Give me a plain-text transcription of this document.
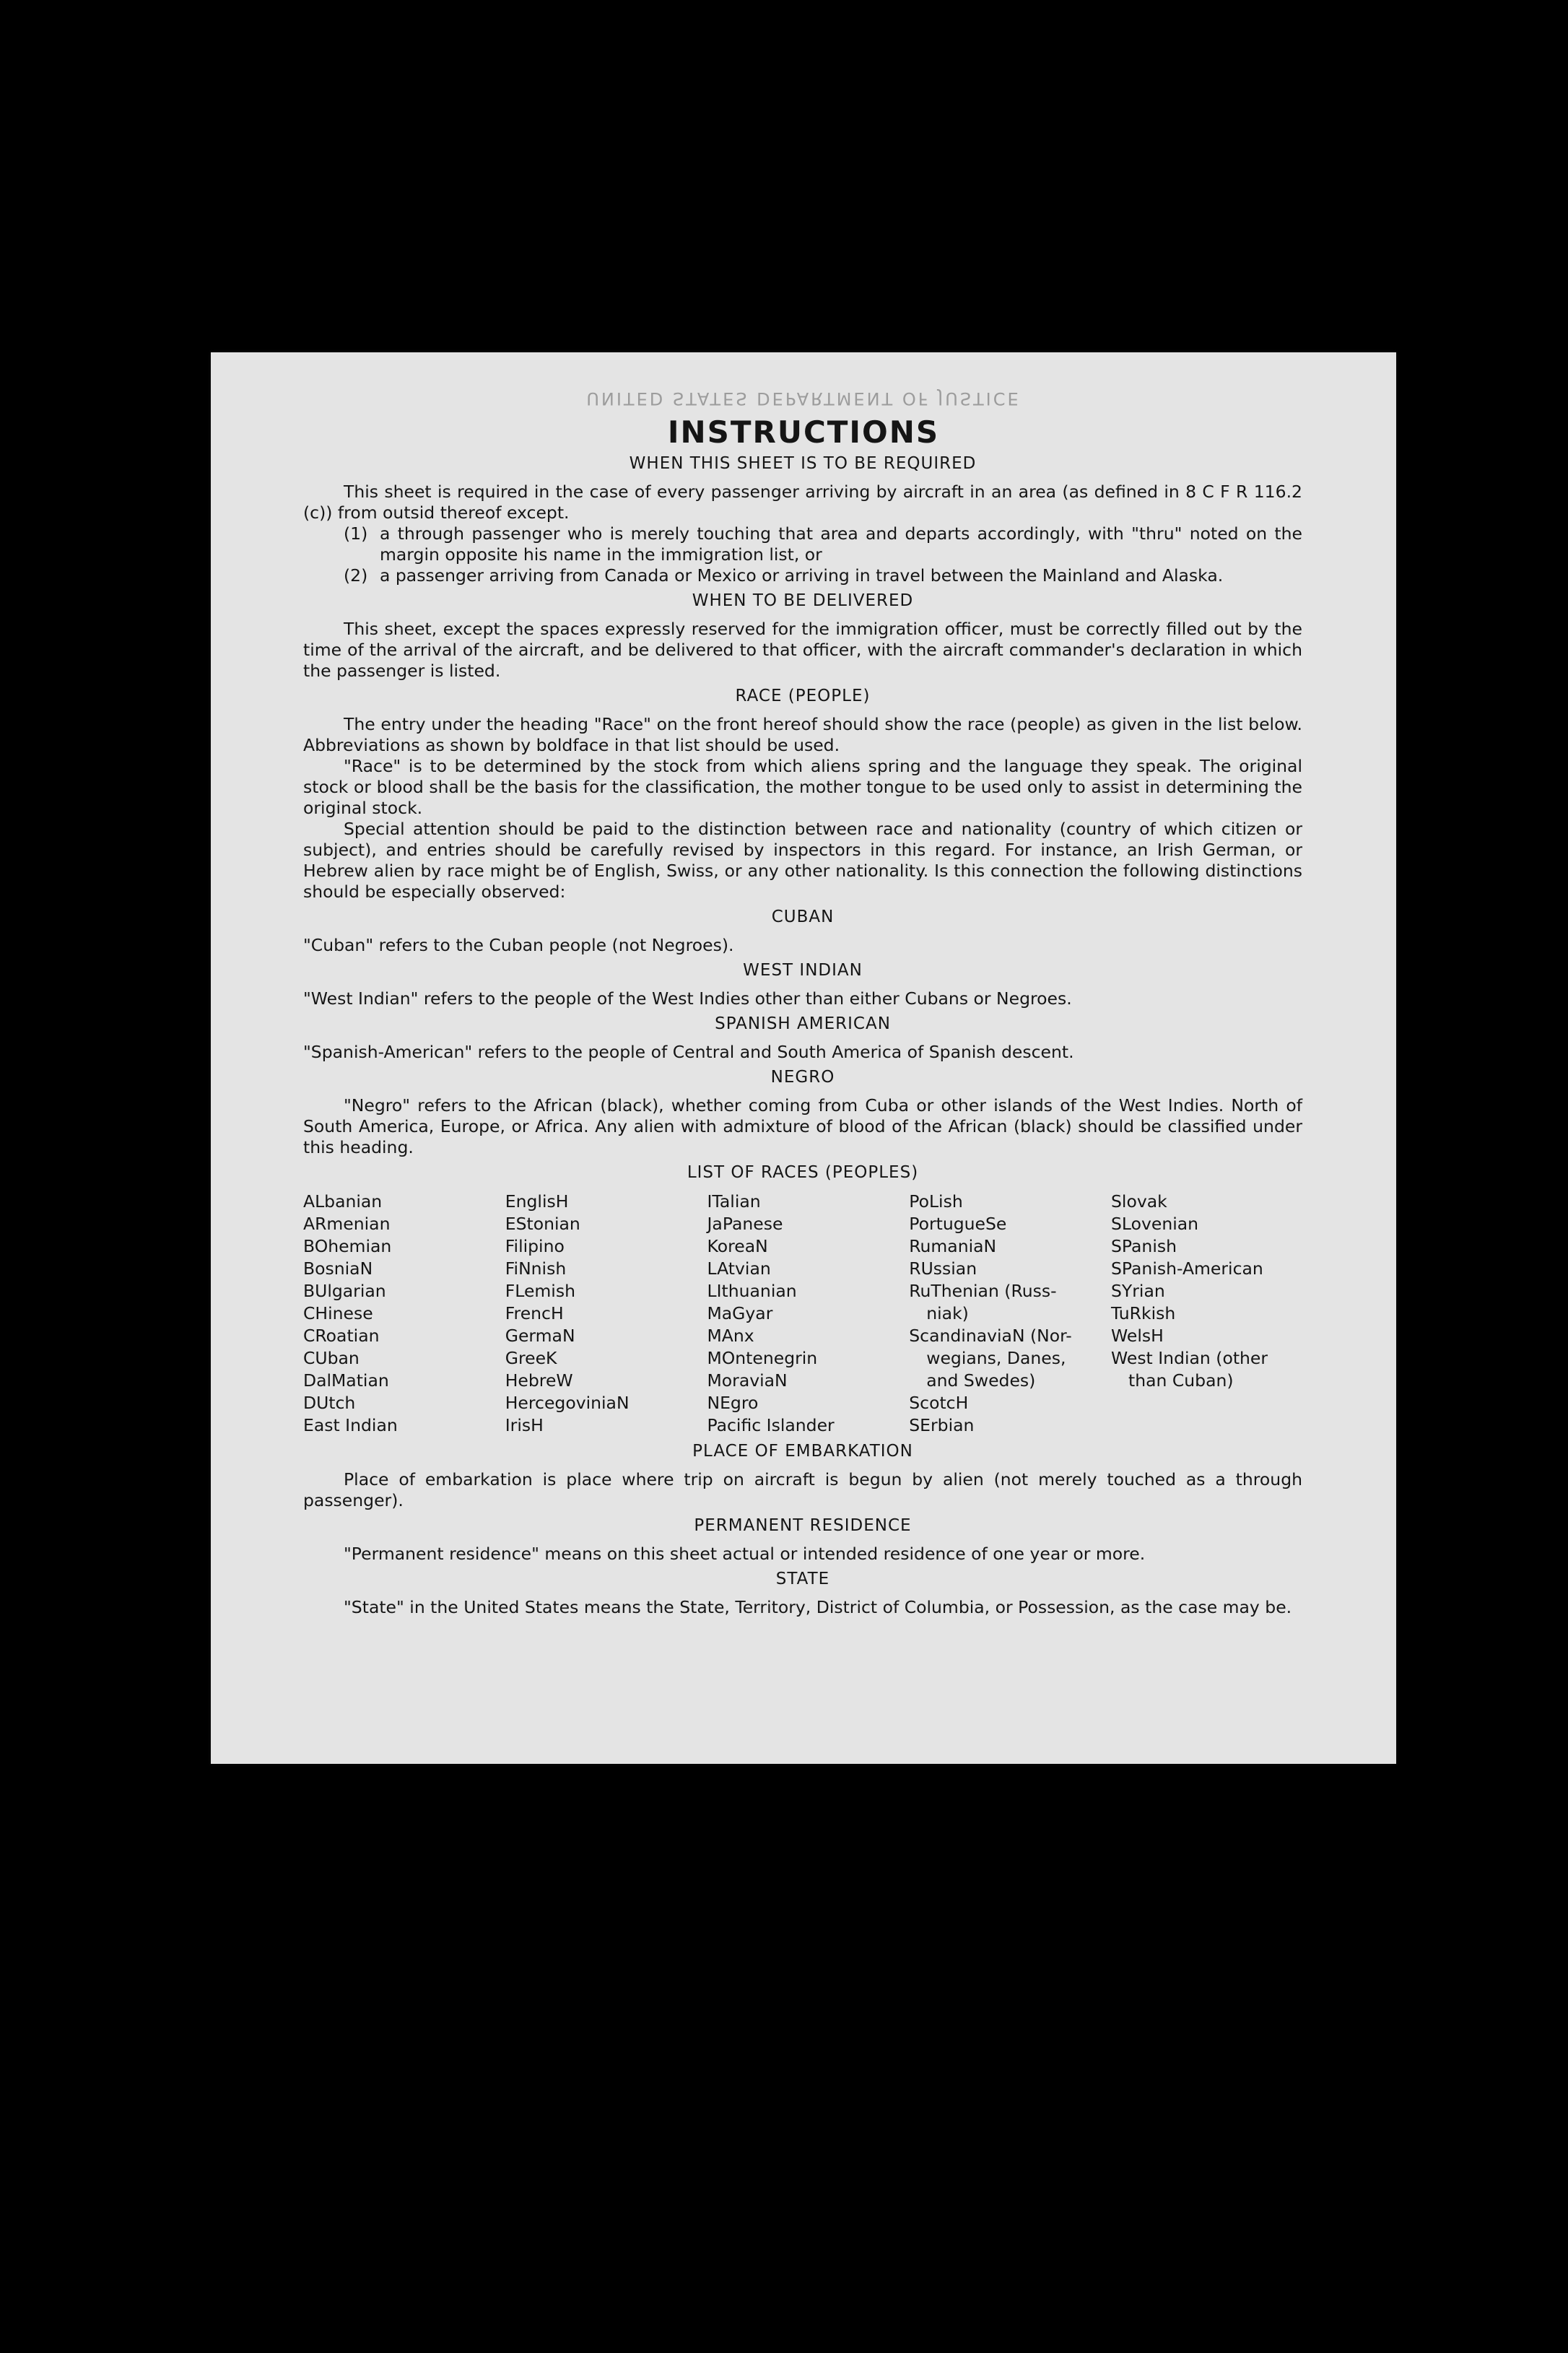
UNITED STATES DEPARTMENT OF JUSTICE
INSTRUCTIONS
WHEN THIS SHEET IS TO BE REQUIRED

This sheet is required in the case of every passenger arriving by aircraft in an area (as defined in 8 C F R 116.2 (c)) from outsid thereof except.

(1) a through passenger who is merely touching that area and departs accordingly, with "thru" noted on the margin opposite his name in the immigration list, or
(2) a passenger arriving from Canada or Mexico or arriving in travel between the Mainland and Alaska.
WHEN TO BE DELIVERED

This sheet, except the spaces expressly reserved for the immigration officer, must be correctly filled out by the time of the arrival of the aircraft, and be delivered to that officer, with the aircraft commander's declaration in which the passenger is listed.

RACE (PEOPLE)

The entry under the heading "Race" on the front hereof should show the race (people) as given in the list below. Abbreviations as shown by boldface in that list should be used.

"Race" is to be determined by the stock from which aliens spring and the language they speak. The original stock or blood shall be the basis for the classification, the mother tongue to be used only to assist in determining the original stock.

Special attention should be paid to the distinction between race and nationality (country of which citizen or subject), and entries should be carefully revised by inspectors in this regard. For instance, an Irish German, or Hebrew alien by race might be of English, Swiss, or any other nationality. Is this connection the following distinctions should be especially observed:

CUBAN

"Cuban" refers to the Cuban people (not Negroes).

WEST INDIAN

"West Indian" refers to the people of the West Indies other than either Cubans or Negroes.

SPANISH AMERICAN

"Spanish-American" refers to the people of Central and South America of Spanish descent.

NEGRO

"Negro" refers to the African (black), whether coming from Cuba or other islands of the West Indies. North of South America, Europe, or Africa. Any alien with admixture of blood of the African (black) should be classified under this heading.

LIST OF RACES (PEOPLES)
ALbanian
ARmenian
BOhemian
BosniaN
BUlgarian
CHinese
CRoatian
CUban
DalMatian
DUtch
East Indian
EnglisH
EStonian
Filipino
FiNnish
FLemish
FrencH
GermaN
GreeK
HebreW
HercegoviniaN
IrisH
ITalian
JaPanese
KoreaN
LAtvian
LIthuanian
MaGyar
MAnx
MOntenegrin
MoraviaN
NEgro
Pacific Islander
PoLish
PortugueSe
RumaniaN
RUssian
RuThenian (Russ-
niak)
ScandinaviaN (Nor-
wegians, Danes,
and Swedes)
ScotcH
SErbian
Slovak
SLovenian
SPanish
SPanish-American
SYrian
TuRkish
WelsH
West Indian (other
than Cuban)
PLACE OF EMBARKATION

Place of embarkation is place where trip on aircraft is begun by alien (not merely touched as a through passenger).

PERMANENT RESIDENCE

"Permanent residence" means on this sheet actual or intended residence of one year or more.

STATE

"State" in the United States means the State, Territory, District of Columbia, or Possession, as the case may be.
